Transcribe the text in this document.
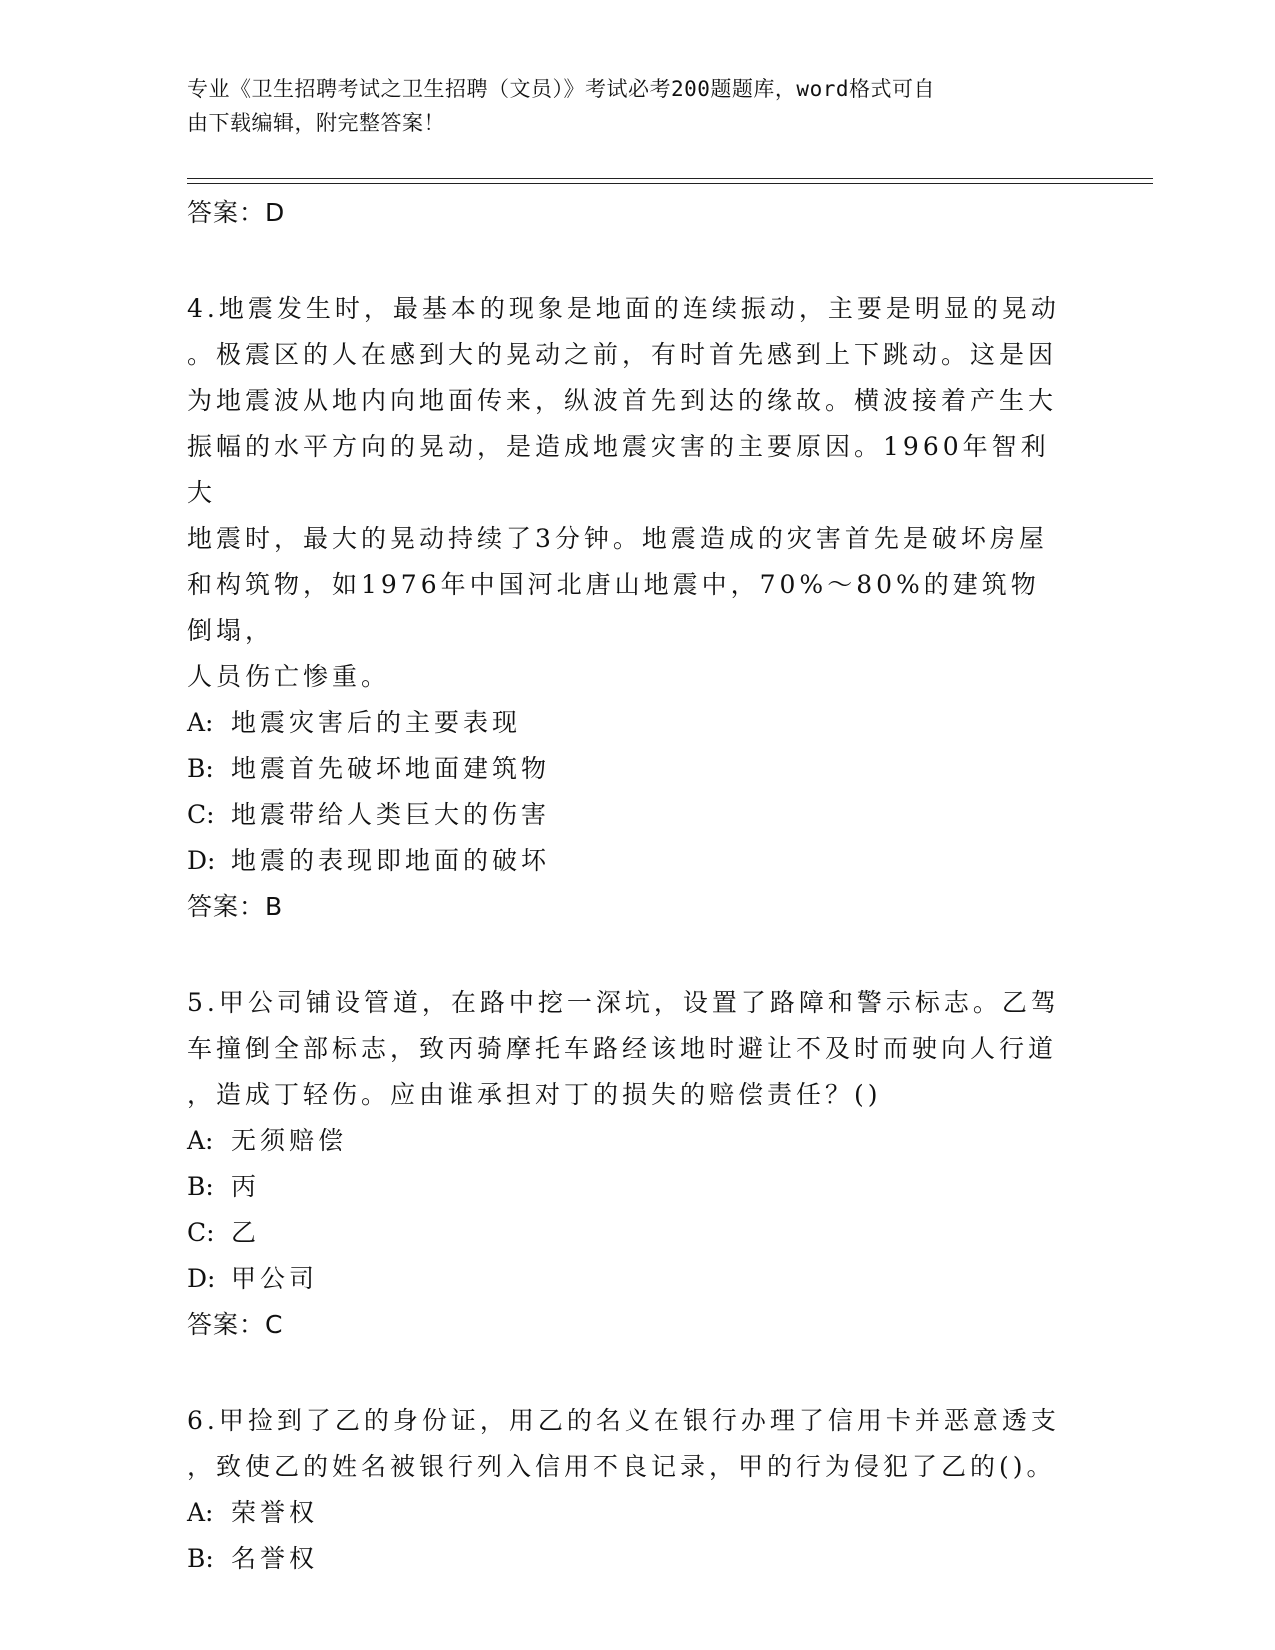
专业《卫生招聘考试之卫生招聘（文员）》考试必考200题题库，word格式可自
由下载编辑，附完整答案！
答案：D
4.地震发生时，最基本的现象是地面的连续振动，主要是明显的晃动
。极震区的人在感到大的晃动之前，有时首先感到上下跳动。这是因
为地震波从地内向地面传来，纵波首先到达的缘故。横波接着产生大
振幅的水平方向的晃动，是造成地震灾害的主要原因。1960年智利大
地震时，最大的晃动持续了3分钟。地震造成的灾害首先是破坏房屋
和构筑物，如1976年中国河北唐山地震中，70%～80%的建筑物倒塌，
人员伤亡惨重。
A: 地震灾害后的主要表现
B: 地震首先破坏地面建筑物
C: 地震带给人类巨大的伤害
D: 地震的表现即地面的破坏
答案：B
5.甲公司铺设管道，在路中挖一深坑，设置了路障和警示标志。乙驾
车撞倒全部标志，致丙骑摩托车路经该地时避让不及时而驶向人行道
，造成丁轻伤。应由谁承担对丁的损失的赔偿责任？()
A: 无须赔偿
B: 丙
C: 乙
D: 甲公司
答案：C
6.甲捡到了乙的身份证，用乙的名义在银行办理了信用卡并恶意透支
，致使乙的姓名被银行列入信用不良记录，甲的行为侵犯了乙的()。
A: 荣誉权
B: 名誉权
